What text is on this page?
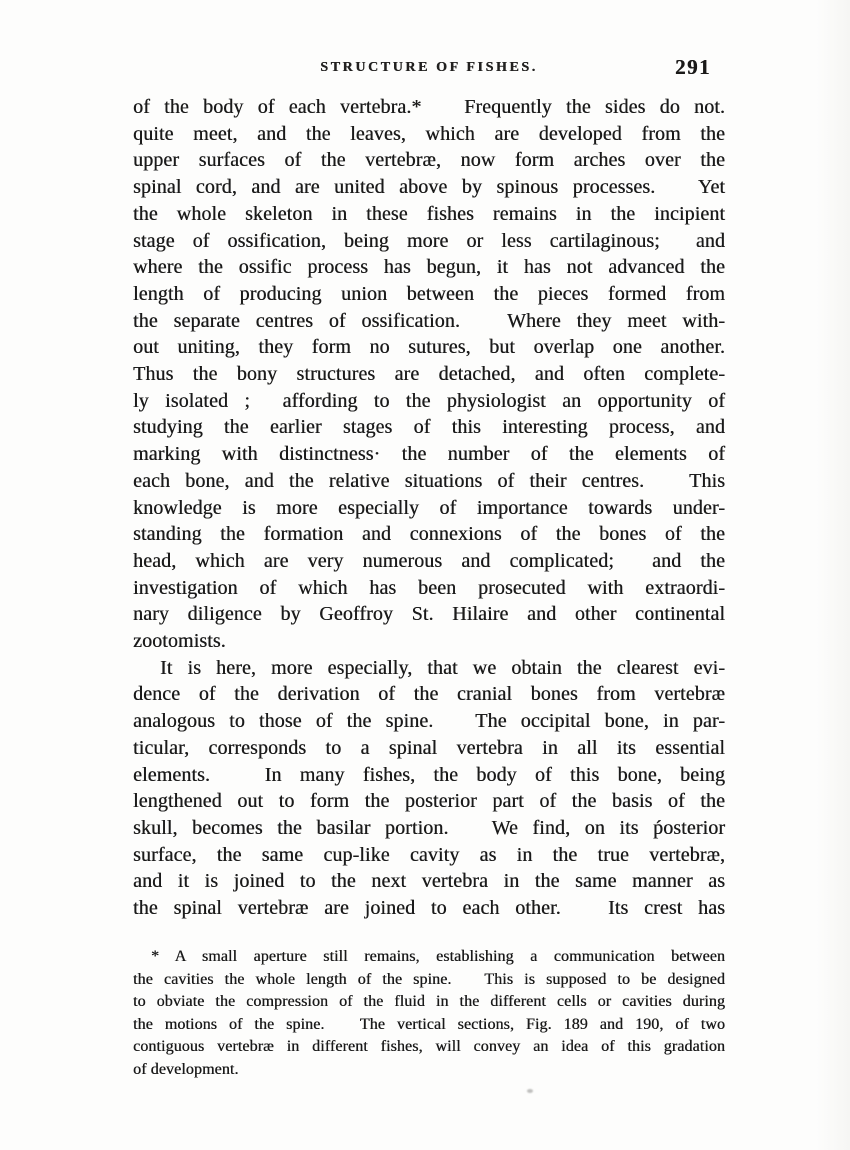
STRUCTURE OF FISHES.	291
of the body of each vertebra.*   Frequently the sides do not.
quite meet, and the leaves, which are developed from the
upper surfaces of the vertebræ, now form arches over the
spinal cord, and are united above by spinous processes.   Yet
the whole skeleton in these fishes remains in the incipient
stage of ossification, being more or less cartilaginous;  and
where the ossific process has begun, it has not advanced the
length of producing union between the pieces formed from
the separate centres of ossification.   Where they meet with-
out uniting, they form no sutures, but overlap one another.
Thus the bony structures are detached, and often complete-
ly isolated ;  affording to the physiologist an opportunity of
studying the earlier stages of this interesting process, and
marking with distinctness· the number of the elements of
each bone, and the relative situations of their centres.   This
knowledge is more especially of importance towards under-
standing the formation and connexions of the bones of the
head, which are very numerous and complicated;  and the
investigation of which has been prosecuted with extraordi-
nary diligence by Geoffroy St. Hilaire and other continental
zootomists.
It is here, more especially, that we obtain the clearest evi-
dence of the derivation of the cranial bones from vertebræ
analogous to those of the spine.   The occipital bone, in par-
ticular, corresponds to a spinal vertebra in all its essential
elements.   In many fishes, the body of this bone, being
lengthened out to form the posterior part of the basis of the
skull, becomes the basilar portion.   We find, on its ṕosterior
surface, the same cup-like cavity as in the true vertebræ,
and it is joined to the next vertebra in the same manner as
the spinal vertebræ are joined to each other.   Its crest has
* A small aperture still remains, establishing a communication between
the cavities the whole length of the spine.   This is supposed to be designed
to obviate the compression of the fluid in the different cells or cavities during
the motions of the spine.   The vertical sections, Fig. 189 and 190, of two
contiguous vertebræ in different fishes, will convey an idea of this gradation
of development.
